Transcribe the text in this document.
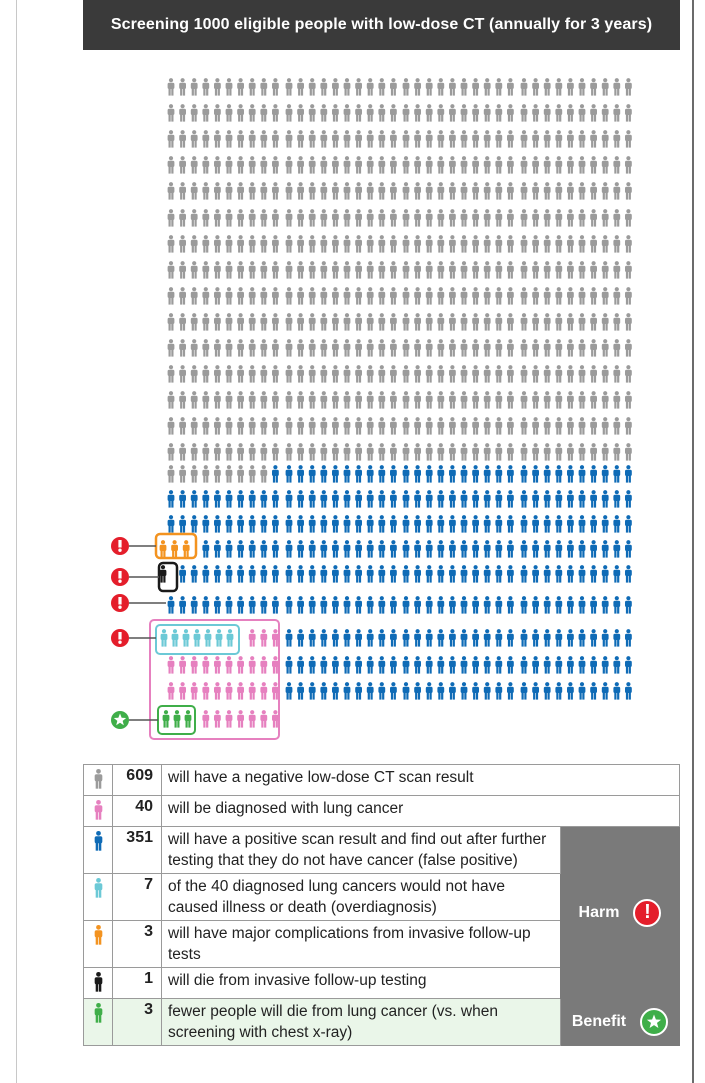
Screening 1000 eligible people with low-dose CT (annually for 3 years)
	609	will have a negative low-dose CT scan result	
	40	will be diagnosed with lung cancer	
	351	will have a positive scan result and find out after further testing that they do not have cancer (false positive)	Harm !

	7	of the 40 diagnosed lung cancers would not have caused illness or death (overdiagnosis)	
	3	will have major complications from invasive follow-up tests	
	1	will die from invasive follow-up testing	
	3	fewer people will die from lung cancer (vs. when screening with chest x-ray)	Benefit
